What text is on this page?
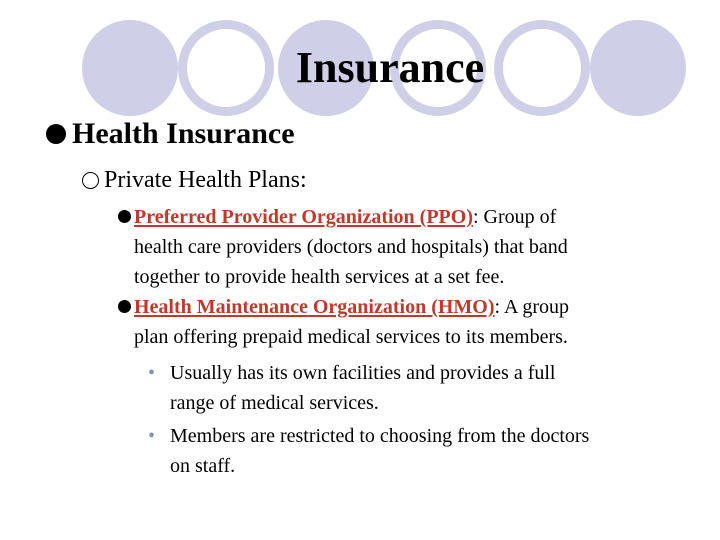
Insurance
Health Insurance
Private Health Plans:
Preferred Provider Organization (PPO): Group of
health care providers (doctors and hospitals) that band
together to provide health services at a set fee.
Health Maintenance Organization (HMO): A group
plan offering prepaid medical services to its members.
• Usually has its own facilities and provides a full
range of medical services.
• Members are restricted to choosing from the doctors
on staff.
